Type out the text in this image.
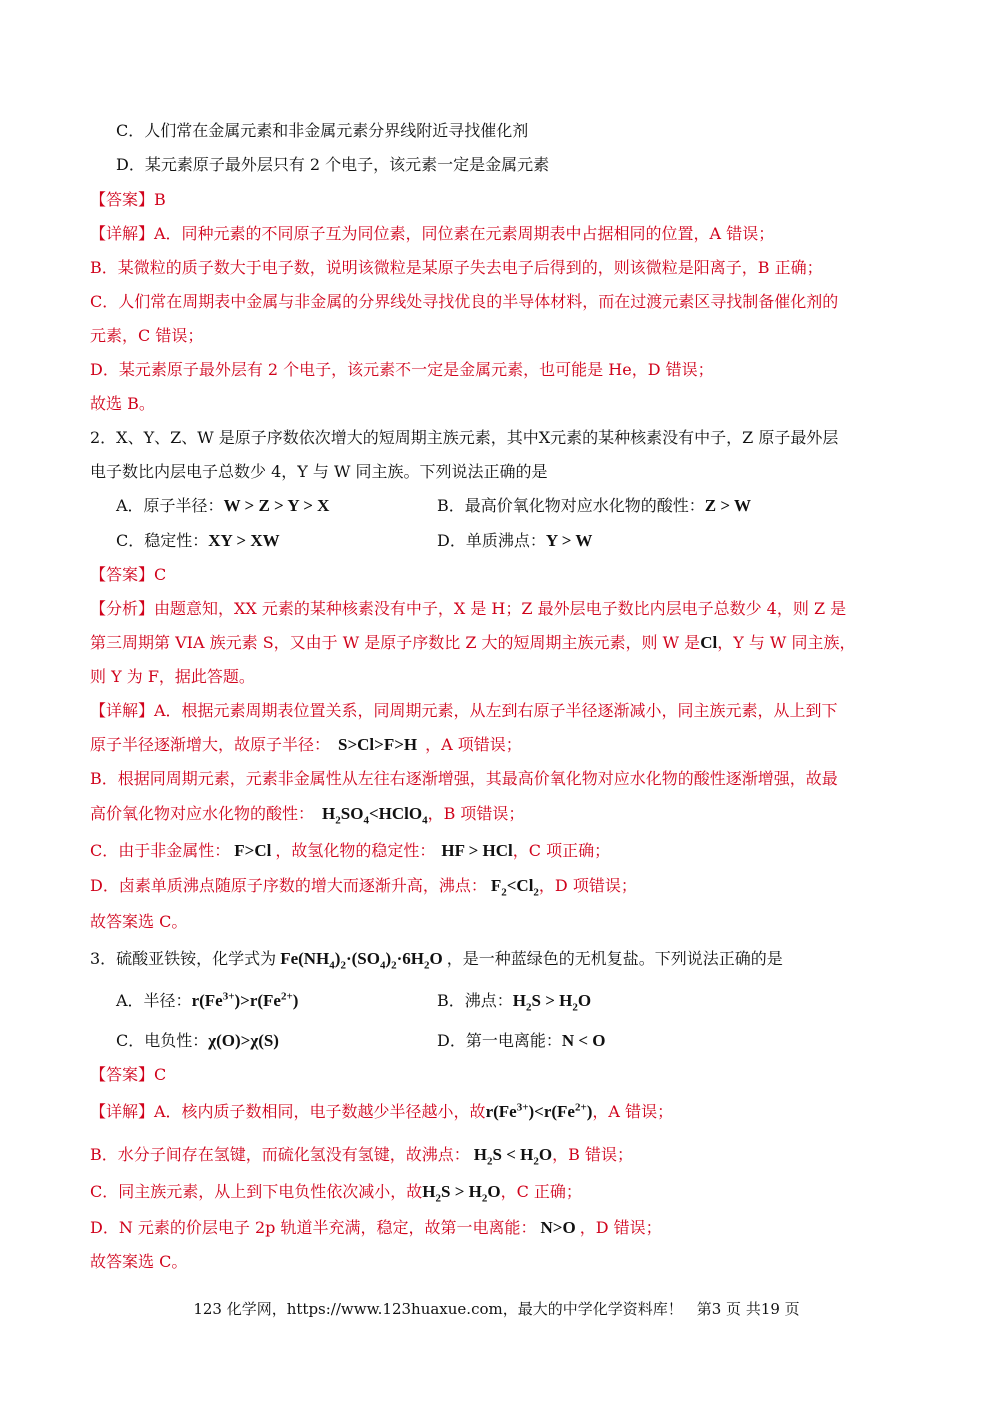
C．人们常在金属元素和非金属元素分界线附近寻找催化剂
D．某元素原子最外层只有 2 个电子，该元素一定是金属元素
【答案】B
【详解】A．同种元素的不同原子互为同位素，同位素在元素周期表中占据相同的位置，A 错误；
B．某微粒的质子数大于电子数，说明该微粒是某原子失去电子后得到的，则该微粒是阳离子，B 正确；
C．人们常在周期表中金属与非金属的分界线处寻找优良的半导体材料，而在过渡元素区寻找制备催化剂的
元素，C 错误；
D．某元素原子最外层有 2 个电子，该元素不一定是金属元素，也可能是 He，D 错误；
故选 B。
2．X、Y、Z、W 是原子序数依次增大的短周期主族元素，其中X元素的某种核素没有中子，Z 原子最外层
电子数比内层电子总数少 4，Y 与 W 同主族。下列说法正确的是
A．原子半径：W > Z > Y > X	B．最高价氧化物对应水化物的酸性：Z > W
C．稳定性：XY > XW	D．单质沸点：Y > W
【答案】C
【分析】由题意知，XX 元素的某种核素没有中子，X 是 H；Z 最外层电子数比内层电子总数少 4，则 Z 是
第三周期第 VIA 族元素 S，又由于 W 是原子序数比 Z 大的短周期主族元素，则 W 是Cl，Y 与 W 同主族，
则 Y 为 F，据此答题。
【详解】A．根据元素周期表位置关系，同周期元素，从左到右原子半径逐渐减小，同主族元素，从上到下
原子半径逐渐增大，故原子半径： S>Cl>F>H ，A 项错误；
B．根据同周期元素，元素非金属性从左往右逐渐增强，其最高价氧化物对应水化物的酸性逐渐增强，故最
高价氧化物对应水化物的酸性： $H_2SO_4<HClO_4$，B 项错误；
C．由于非金属性： F>Cl ，故氢化物的稳定性： HF > HCl，C 项正确；
D．卤素单质沸点随原子序数的增大而逐渐升高，沸点： $F_2<Cl_2$，D 项错误；
故答案选 C。
3．硫酸亚铁铵，化学式为 $Fe(NH_4)_2\cdot(SO_4)_2\cdot 6H_2O$ ，是一种蓝绿色的无机复盐。下列说法正确的是
A．半径：$r(Fe^{3+})>r(Fe^{2+})$	B．沸点：$H_2S > H_2O$
C．电负性：χ(O)>χ(S)	D．第一电离能：N < O
【答案】C
【详解】A．核内质子数相同，电子数越少半径越小，故$r(Fe^{3+})<r(Fe^{2+})$，A 错误；
B．水分子间存在氢键，而硫化氢没有氢键，故沸点： $H_2S < H_2O$，B 错误；
C．同主族元素，从上到下电负性依次减小，故$H_2S > H_2O$，C 正确；
D．N 元素的价层电子 2p 轨道半充满，稳定，故第一电离能： N>O ，D 错误；
故答案选 C。
123 化学网，https://www.123huaxue.com，最大的中学化学资料库！ 第3 页 共19 页
